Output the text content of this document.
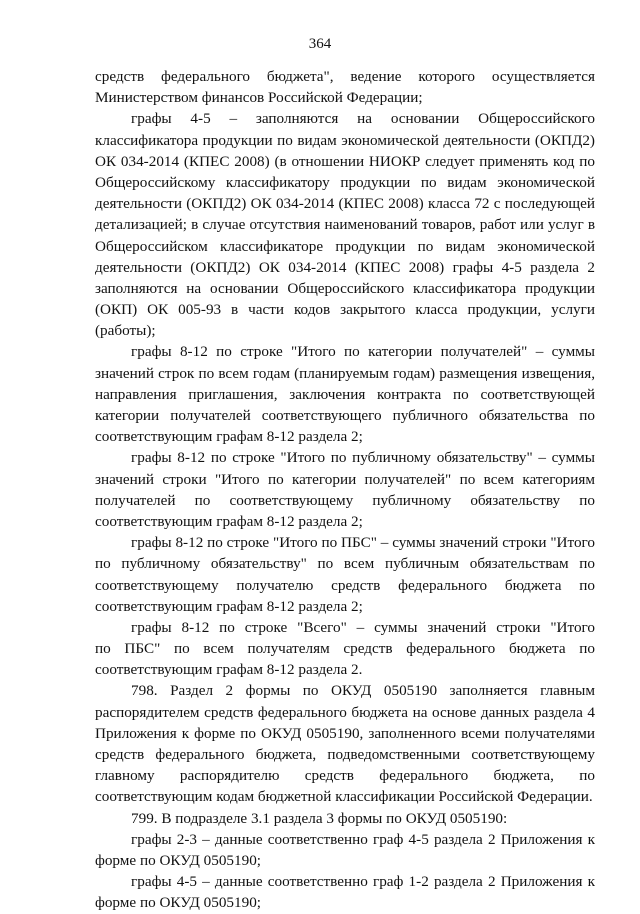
364
средств федерального бюджета", ведение которого осуществляется
Министерством финансов Российской Федерации;
графы 4-5 – заполняются на основании Общероссийского
классификатора продукции по видам экономической деятельности (ОКПД2)
ОК 034-2014 (КПЕС 2008) (в отношении НИОКР следует применять код по
Общероссийскому классификатору продукции по видам экономической
деятельности (ОКПД2) ОК 034-2014 (КПЕС 2008) класса 72 с последующей
детализацией; в случае отсутствия наименований товаров, работ или услуг в
Общероссийском классификаторе продукции по видам экономической
деятельности (ОКПД2) ОК 034-2014 (КПЕС 2008) графы 4-5 раздела 2
заполняются на основании Общероссийского классификатора продукции
(ОКП) ОК 005-93 в части кодов закрытого класса продукции, услуги
(работы);
графы 8-12 по строке "Итого по категории получателей" – суммы
значений строк по всем годам (планируемым годам) размещения извещения,
направления приглашения, заключения контракта по соответствующей
категории получателей соответствующего публичного обязательства по
соответствующим графам 8-12 раздела 2;
графы 8-12 по строке "Итого по публичному обязательству" – суммы
значений строки "Итого по категории получателей" по всем категориям
получателей по соответствующему публичному обязательству по
соответствующим графам 8-12 раздела 2;
графы 8-12 по строке "Итого по ПБС" – суммы значений строки "Итого
по публичному обязательству" по всем публичным обязательствам по
соответствующему получателю средств федерального бюджета по
соответствующим графам 8-12 раздела 2;
графы 8-12 по строке "Всего" – суммы значений строки "Итого
по ПБС" по всем получателям средств федерального бюджета по
соответствующим графам 8-12 раздела 2.
798. Раздел 2 формы по ОКУД 0505190 заполняется главным
распорядителем средств федерального бюджета на основе данных раздела 4
Приложения к форме по ОКУД 0505190, заполненного всеми получателями
средств федерального бюджета, подведомственными соответствующему
главному распорядителю средств федерального бюджета, по
соответствующим кодам бюджетной классификации Российской Федерации.
799. В подразделе 3.1 раздела 3 формы по ОКУД 0505190:
графы 2-3 – данные соответственно граф 4-5 раздела 2 Приложения к
форме по ОКУД 0505190;
графы 4-5 – данные соответственно граф 1-2 раздела 2 Приложения к
форме по ОКУД 0505190;
